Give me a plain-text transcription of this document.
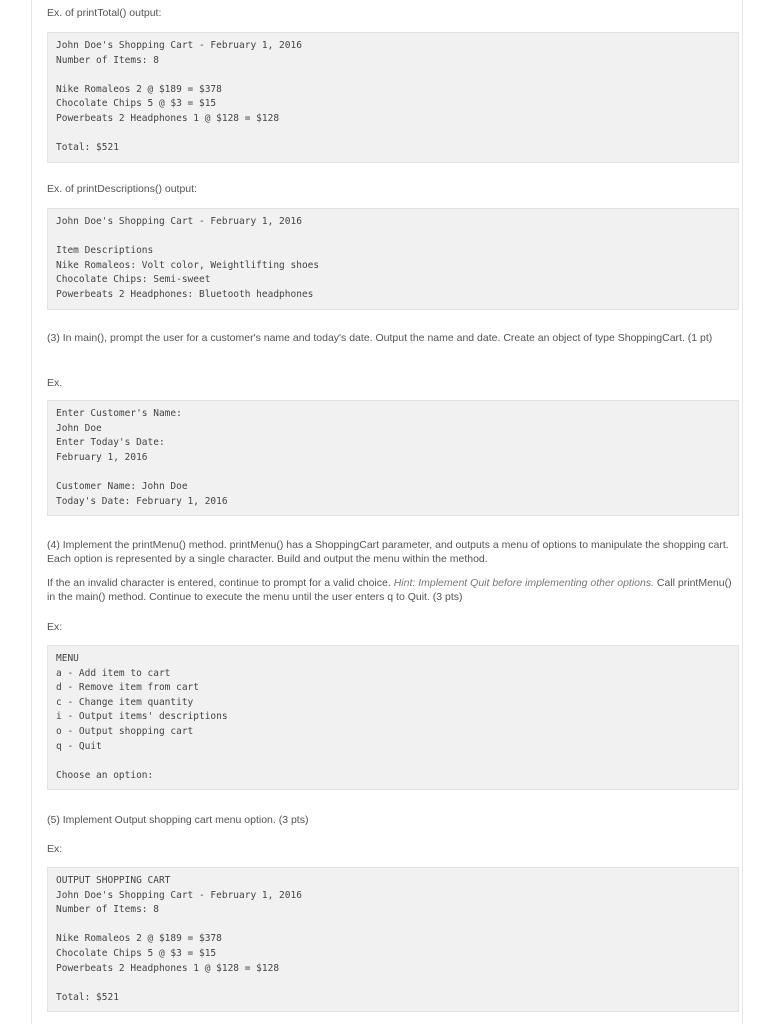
Ex. of printTotal() output:
John Doe's Shopping Cart - February 1, 2016
Number of Items: 8
Nike Romaleos 2 @ $189 = $378
Chocolate Chips 5 @ $3 = $15
Powerbeats 2 Headphones 1 @ $128 = $128
Total: $521
Ex. of printDescriptions() output:
John Doe's Shopping Cart - February 1, 2016
Item Descriptions
Nike Romaleos: Volt color, Weightlifting shoes
Chocolate Chips: Semi-sweet
Powerbeats 2 Headphones: Bluetooth headphones
(3) In main(), prompt the user for a customer's name and today's date. Output the name and date. Create an object of type ShoppingCart. (1 pt)
Ex.
Enter Customer's Name:
John Doe
Enter Today's Date:
February 1, 2016
Customer Name: John Doe
Today's Date: February 1, 2016
(4) Implement the printMenu() method. printMenu() has a ShoppingCart parameter, and outputs a menu of options to manipulate the shopping cart. Each option is represented by a single character. Build and output the menu within the method.
If the an invalid character is entered, continue to prompt for a valid choice. Hint: Implement Quit before implementing other options. Call printMenu() in the main() method. Continue to execute the menu until the user enters q to Quit. (3 pts)
Ex:
MENU
a - Add item to cart
d - Remove item from cart
c - Change item quantity
i - Output items' descriptions
o - Output shopping cart
q - Quit
Choose an option:
(5) Implement Output shopping cart menu option. (3 pts)
Ex:
OUTPUT SHOPPING CART
John Doe's Shopping Cart - February 1, 2016
Number of Items: 8
Nike Romaleos 2 @ $189 = $378
Chocolate Chips 5 @ $3 = $15
Powerbeats 2 Headphones 1 @ $128 = $128
Total: $521
